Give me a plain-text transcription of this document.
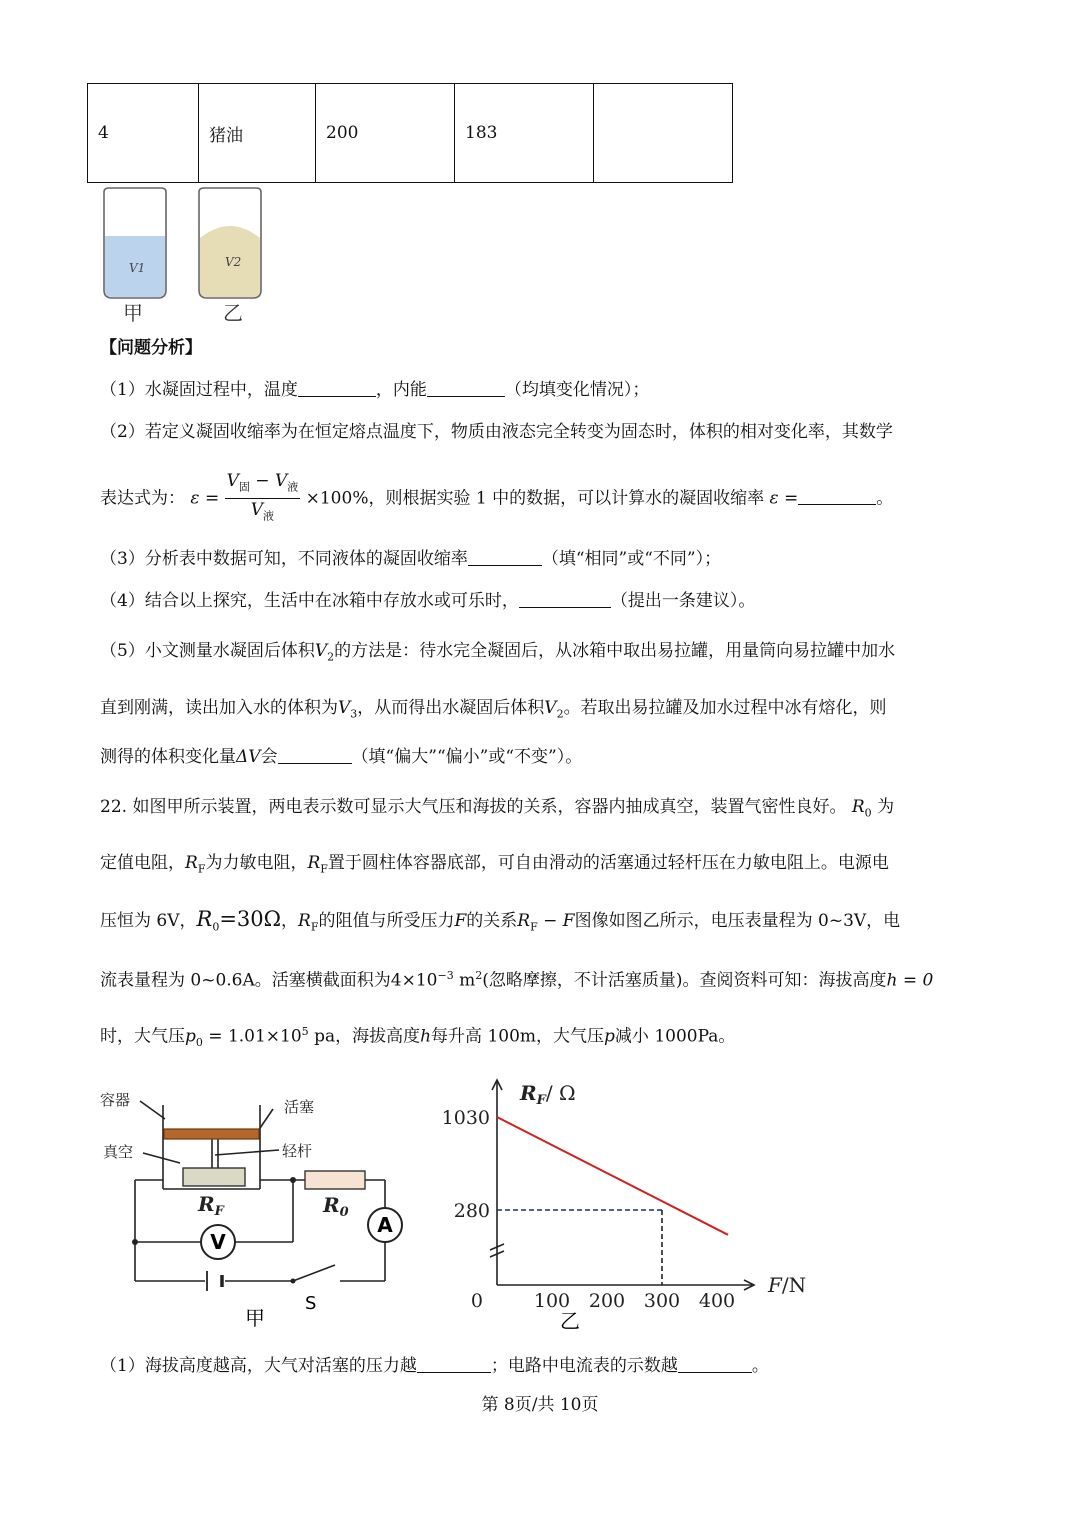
4	猪油	200	183	
V1	V2
甲	乙
【问题分析】
（1）水凝固过程中，温度	，内能	（均填变化情况）；
（2）若定义凝固收缩率为在恒定熔点温度下，物质由液态完全转变为固态时，体积的相对变化率，其数学
表达式为： $\varepsilon = \frac{V_固 - V_液}{V_液} \times 100\%$，则根据实验 1 中的数据，可以计算水的凝固收缩率 ε =	。
（3）分析表中数据可知，不同液体的凝固收缩率	（填“相同”或“不同”）；
（4）结合以上探究，生活中在冰箱中存放水或可乐时，	（提出一条建议）。
（5）小文测量水凝固后体积$V_2$的方法是：待水完全凝固后，从冰箱中取出易拉罐，用量筒向易拉罐中加水
直到刚满，读出加入水的体积为$V_3$，从而得出水凝固后体积$V_2$。若取出易拉罐及加水过程中冰有熔化，则
测得的体积变化量ΔV会	（填“偏大”“偏小”或“不变”）。
22. 如图甲所示装置，两电表示数可显示大气压和海拔的关系，容器内抽成真空，装置气密性良好。 $R_0$ 为
定值电阻，$R_F$为力敏电阻，$R_F$置于圆柱体容器底部，可自由滑动的活塞通过轻杆压在力敏电阻上。电源电
压恒为 6V，$R_0=30\Omega$，$R_F$的阻值与所受压力F的关系$R_F - F$图像如图乙所示，电压表量程为 0~3V，电
流表量程为 0~0.6A。活塞横截面积为$4\times 10^{-3}$ $m^2$(忽略摩擦，不计活塞质量)。查阅资料可知：海拔高度h = 0
时，大气压$p_0 = 1.01\times 10^5$ pa，海拔高度h每升高 100m，大气压p减小 1000Pa。
容器	活塞
真空	轻杆
$R_F$	$R_0$
V
A
S
甲
$R_F/$ Ω
F/N
0	100 200 300 400
1030
280
乙
（1）海拔高度越高，大气对活塞的压力越	；电路中电流表的示数越	。
第 8页/共 10页
